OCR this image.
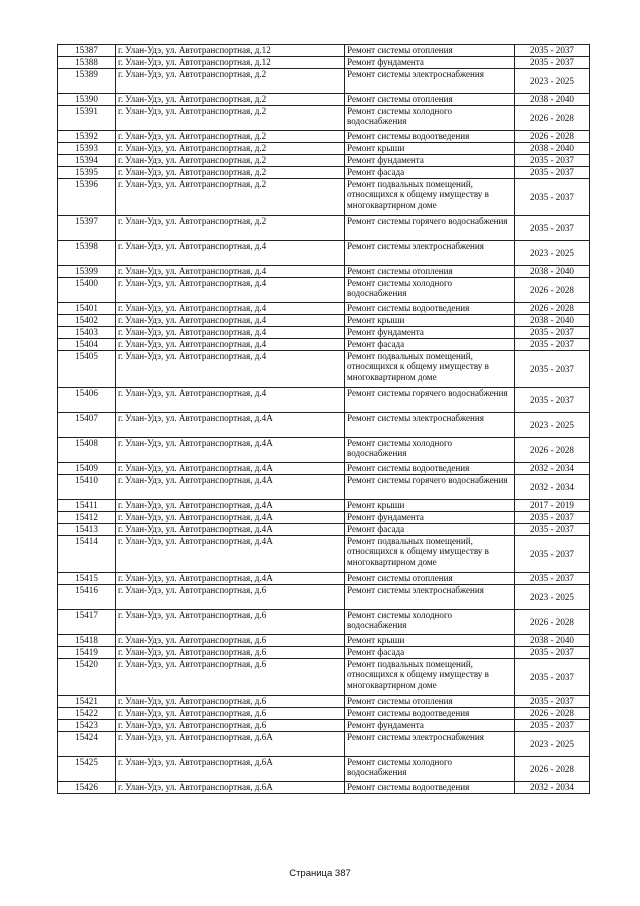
15387	г. Улан-Удэ, ул. Автотранспортная, д.12	Ремонт системы отопления	2035 - 2037
15388	г. Улан-Удэ, ул. Автотранспортная, д.12	Ремонт фундамента	2035 - 2037
15389	г. Улан-Удэ, ул. Автотранспортная, д.2	Ремонт системы электроснабжения	2023 - 2025
15390	г. Улан-Удэ, ул. Автотранспортная, д.2	Ремонт системы отопления	2038 - 2040
15391	г. Улан-Удэ, ул. Автотранспортная, д.2	Ремонт системы холодного водоснабжения	2026 - 2028
15392	г. Улан-Удэ, ул. Автотранспортная, д.2	Ремонт системы водоотведения	2026 - 2028
15393	г. Улан-Удэ, ул. Автотранспортная, д.2	Ремонт крыши	2038 - 2040
15394	г. Улан-Удэ, ул. Автотранспортная, д.2	Ремонт фундамента	2035 - 2037
15395	г. Улан-Удэ, ул. Автотранспортная, д.2	Ремонт фасада	2035 - 2037
15396	г. Улан-Удэ, ул. Автотранспортная, д.2	Ремонт подвальных помещений, относящихся к общему имуществу в многоквартирном доме	2035 - 2037
15397	г. Улан-Удэ, ул. Автотранспортная, д.2	Ремонт системы горячего водоснабжения	2035 - 2037
15398	г. Улан-Удэ, ул. Автотранспортная, д.4	Ремонт системы электроснабжения	2023 - 2025
15399	г. Улан-Удэ, ул. Автотранспортная, д.4	Ремонт системы отопления	2038 - 2040
15400	г. Улан-Удэ, ул. Автотранспортная, д.4	Ремонт системы холодного водоснабжения	2026 - 2028
15401	г. Улан-Удэ, ул. Автотранспортная, д.4	Ремонт системы водоотведения	2026 - 2028
15402	г. Улан-Удэ, ул. Автотранспортная, д.4	Ремонт крыши	2038 - 2040
15403	г. Улан-Удэ, ул. Автотранспортная, д.4	Ремонт фундамента	2035 - 2037
15404	г. Улан-Удэ, ул. Автотранспортная, д.4	Ремонт фасада	2035 - 2037
15405	г. Улан-Удэ, ул. Автотранспортная, д.4	Ремонт подвальных помещений, относящихся к общему имуществу в многоквартирном доме	2035 - 2037
15406	г. Улан-Удэ, ул. Автотранспортная, д.4	Ремонт системы горячего водоснабжения	2035 - 2037
15407	г. Улан-Удэ, ул. Автотранспортная, д.4А	Ремонт системы электроснабжения	2023 - 2025
15408	г. Улан-Удэ, ул. Автотранспортная, д.4А	Ремонт системы холодного водоснабжения	2026 - 2028
15409	г. Улан-Удэ, ул. Автотранспортная, д.4А	Ремонт системы водоотведения	2032 - 2034
15410	г. Улан-Удэ, ул. Автотранспортная, д.4А	Ремонт системы горячего водоснабжения	2032 - 2034
15411	г. Улан-Удэ, ул. Автотранспортная, д.4А	Ремонт крыши	2017 - 2019
15412	г. Улан-Удэ, ул. Автотранспортная, д.4А	Ремонт фундамента	2035 - 2037
15413	г. Улан-Удэ, ул. Автотранспортная, д.4А	Ремонт фасада	2035 - 2037
15414	г. Улан-Удэ, ул. Автотранспортная, д.4А	Ремонт подвальных помещений, относящихся к общему имуществу в многоквартирном доме	2035 - 2037
15415	г. Улан-Удэ, ул. Автотранспортная, д.4А	Ремонт системы отопления	2035 - 2037
15416	г. Улан-Удэ, ул. Автотранспортная, д.6	Ремонт системы электроснабжения	2023 - 2025
15417	г. Улан-Удэ, ул. Автотранспортная, д.6	Ремонт системы холодного водоснабжения	2026 - 2028
15418	г. Улан-Удэ, ул. Автотранспортная, д.6	Ремонт крыши	2038 - 2040
15419	г. Улан-Удэ, ул. Автотранспортная, д.6	Ремонт фасада	2035 - 2037
15420	г. Улан-Удэ, ул. Автотранспортная, д.6	Ремонт подвальных помещений, относящихся к общему имуществу в многоквартирном доме	2035 - 2037
15421	г. Улан-Удэ, ул. Автотранспортная, д.6	Ремонт системы отопления	2035 - 2037
15422	г. Улан-Удэ, ул. Автотранспортная, д.6	Ремонт системы водоотведения	2026 - 2028
15423	г. Улан-Удэ, ул. Автотранспортная, д.6	Ремонт фундамента	2035 - 2037
15424	г. Улан-Удэ, ул. Автотранспортная, д.6А	Ремонт системы электроснабжения	2023 - 2025
15425	г. Улан-Удэ, ул. Автотранспортная, д.6А	Ремонт системы холодного водоснабжения	2026 - 2028
15426	г. Улан-Удэ, ул. Автотранспортная, д.6А	Ремонт системы водоотведения	2032 - 2034
Страница 387
